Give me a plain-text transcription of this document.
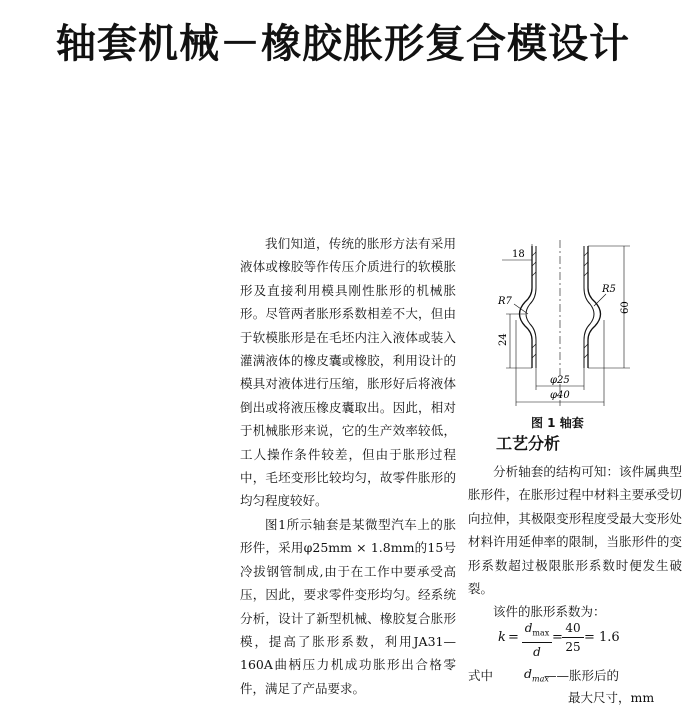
轴套机械－橡胶胀形复合模设计

我们知道，传统的胀形方法有采用液体或橡胶等作传压介质进行的软模胀形及直接利用模具刚性胀形的机械胀形。尽管两者胀形系数相差不大，但由于软模胀形是在毛坯内注入液体或装入灌满液体的橡皮囊或橡胶，利用设计的模具对液体进行压缩，胀形好后将液体倒出或将液压橡皮囊取出。因此，相对于机械胀形来说，它的生产效率较低，工人操作条件较差，但由于胀形过程中，毛坯变形比较均匀，故零件胀形的均匀程度较好。

图1所示轴套是某微型汽车上的胀形件，采用φ25mm × 1.8mm的15号冷拔钢管制成,由于在工作中要承受高压，因此，要求零件变形均匀。经系统分析，设计了新型机械、橡胶复合胀形模，提高了胀形系数，利用JA31—160A曲柄压力机成功胀形出合格零件，满足了产品要求。

18
60
24
R7
R5
φ25
φ40
图 1 轴套
工艺分析

分析轴套的结构可知：该件属典型胀形件，在胀形过程中材料主要承受切向拉伸，其极限变形程度受最大变形处材料许用延伸率的限制，当胀形件的变形系数超过极限胀形系数时便发生破裂。

该件的胀形系数为：

k =
$d_{max}$
d
=
40
25
= 1.6
式中 $d_{max}$
——胀形后的
最大尺寸，mm
